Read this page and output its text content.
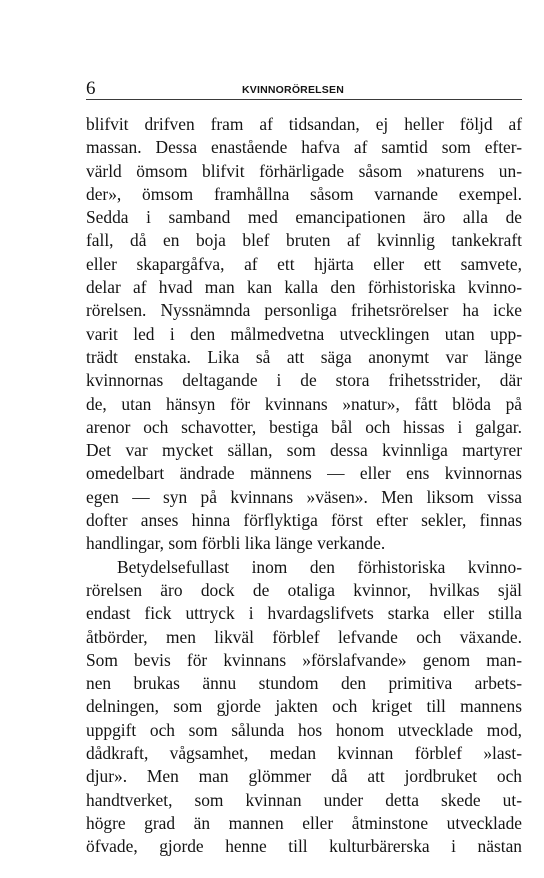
6	KVINNORÖRELSEN
blifvit drifven fram af tidsandan, ej heller följd af
massan. Dessa enastående hafva af samtid som efter-
värld ömsom blifvit förhärligade såsom »naturens un-
der», ömsom framhållna såsom varnande exempel.
Sedda i samband med emancipationen äro alla de
fall, då en boja blef bruten af kvinnlig tankekraft
eller skapargåfva, af ett hjärta eller ett samvete,
delar af hvad man kan kalla den förhistoriska kvinno-
rörelsen. Nyssnämnda personliga frihetsrörelser ha icke
varit led i den målmedvetna utvecklingen utan upp-
trädt enstaka. Lika så att säga anonymt var länge
kvinnornas deltagande i de stora frihetsstrider, där
de, utan hänsyn för kvinnans »natur», fått blöda på
arenor och schavotter, bestiga bål och hissas i galgar.
Det var mycket sällan, som dessa kvinnliga martyrer
omedelbart ändrade männens — eller ens kvinnornas
egen — syn på kvinnans »väsen». Men liksom vissa
dofter anses hinna förflyktiga först efter sekler, finnas
handlingar, som förbli lika länge verkande.
Betydelsefullast inom den förhistoriska kvinno-
rörelsen äro dock de otaliga kvinnor, hvilkas själ
endast fick uttryck i hvardagslifvets starka eller stilla
åtbörder, men likväl förblef lefvande och växande.
Som bevis för kvinnans »förslafvande» genom man-
nen brukas ännu stundom den primitiva arbets-
delningen, som gjorde jakten och kriget till mannens
uppgift och som sålunda hos honom utvecklade mod,
dådkraft, vågsamhet, medan kvinnan förblef »last-
djur». Men man glömmer då att jordbruket och
handtverket, som kvinnan under detta skede ut-
högre grad än mannen eller åtminstone utvecklade
öfvade, gjorde henne till kulturbärerska i nästan
